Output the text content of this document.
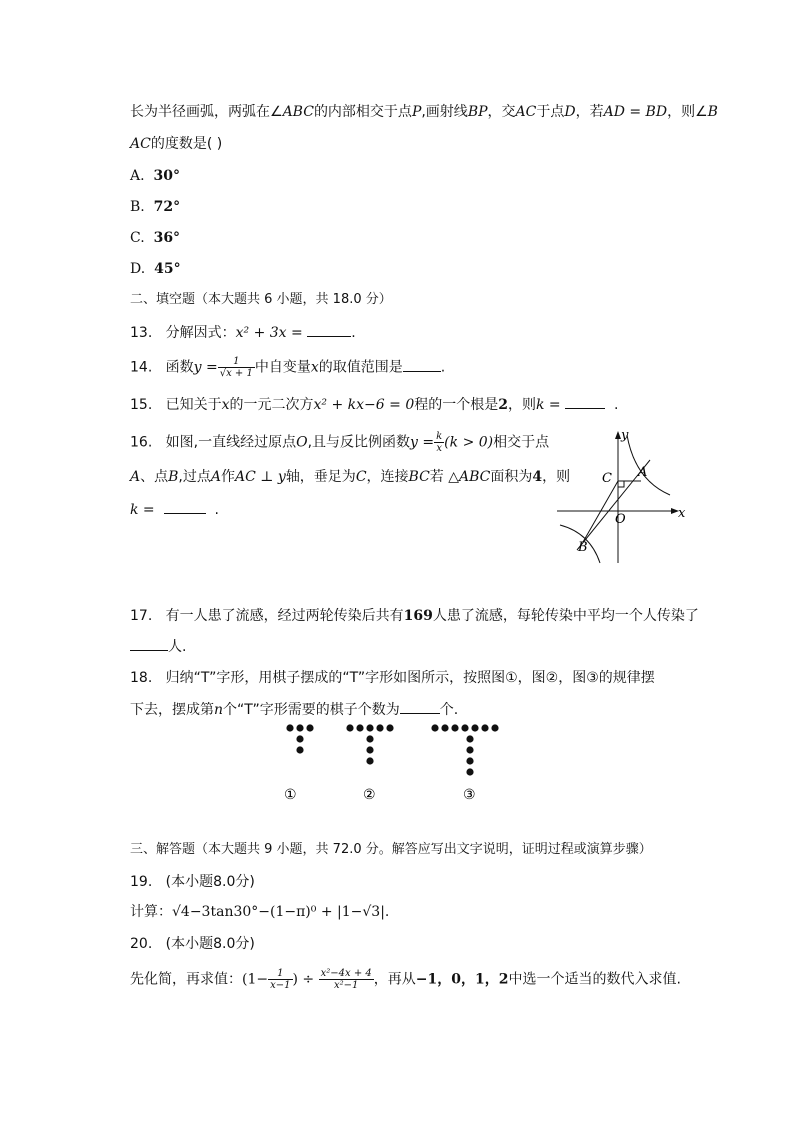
长为半径画弧，两弧在∠ABC的内部相交于点P,画射线BP，交AC于点D，若AD = BD，则∠B
AC的度数是( )
A. 30°
B. 72°
C. 36°
D. 45°
二、填空题（本大题共 6 小题，共 18.0 分）
13. 分解因式：x² + 3x =	.
14. 函数$y = \frac{1}{√x + 1}$ 中自变量x的取值范围是	.
15. 已知关于x的一元二次方x² + kx−6 = 0程的一个根是2，则k =	.
16. 如图,一直线经过原点O,且与反比例函数$y = \frac{k}{x} (k > 0)$相交于点
A、点B,过点A作AC ⊥ y轴，垂足为C，连接BC若 △ABC面积为4，则
k =	.
y
x
A
C
O
B
17. 有一人患了流感，经过两轮传染后共有169人患了流感，每轮传染中平均一个人传染了
人.
18. 归纳“T”字形，用棋子摆成的“T”字形如图所示，按照图①，图②，图③的规律摆
下去，摆成第n个“T”字形需要的棋子个数为	个.
①	②	③
三、解答题（本大题共 9 小题，共 72.0 分。解答应写出文字说明，证明过程或演算步骤）
19. (本小题8.0分)
计算：√4−3tan30°−(1−π)⁰ + |1−√3|.
20. (本小题8.0分)
先化简，再求值：($1- \frac{1}{x-1}$ ) ÷ $\frac{\text{x²−4x + 4}}{\text{x²−1}}$ ，再从−1，0，1，2中选一个适当的数代入求值.
